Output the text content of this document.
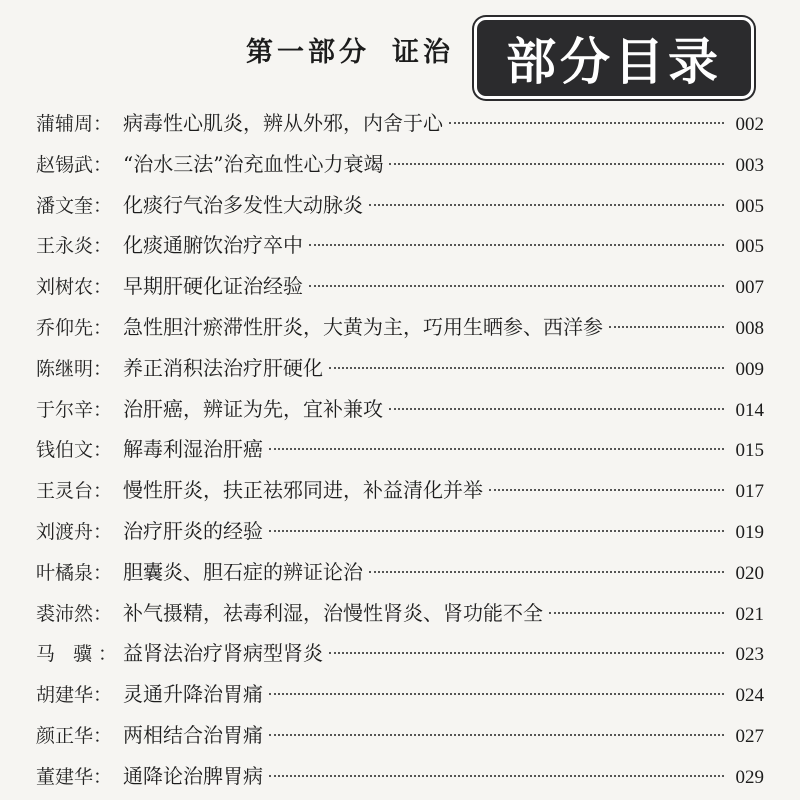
第一部分 证治	部分目录
蒲辅周： 病毒性心肌炎，辨从外邪，内舍于心	002
赵锡武： “治水三法”治充血性心力衰竭	003
潘文奎： 化痰行气治多发性大动脉炎	005
王永炎： 化痰通腑饮治疗卒中	005
刘树农： 早期肝硬化证治经验	007
乔仰先： 急性胆汁瘀滞性肝炎，大黄为主，巧用生晒参、西洋参	008
陈继明： 养正消积法治疗肝硬化	009
于尔辛： 治肝癌，辨证为先，宜补兼攻	014
钱伯文： 解毒利湿治肝癌	015
王灵台： 慢性肝炎，扶正祛邪同进，补益清化并举	017
刘渡舟： 治疗肝炎的经验	019
叶橘泉： 胆囊炎、胆石症的辨证论治	020
裘沛然： 补气摄精，祛毒利湿，治慢性肾炎、肾功能不全	021
马 骥： 益肾法治疗肾病型肾炎	023
胡建华： 灵通升降治胃痛	024
颜正华： 两相结合治胃痛	027
董建华： 通降论治脾胃病	029
